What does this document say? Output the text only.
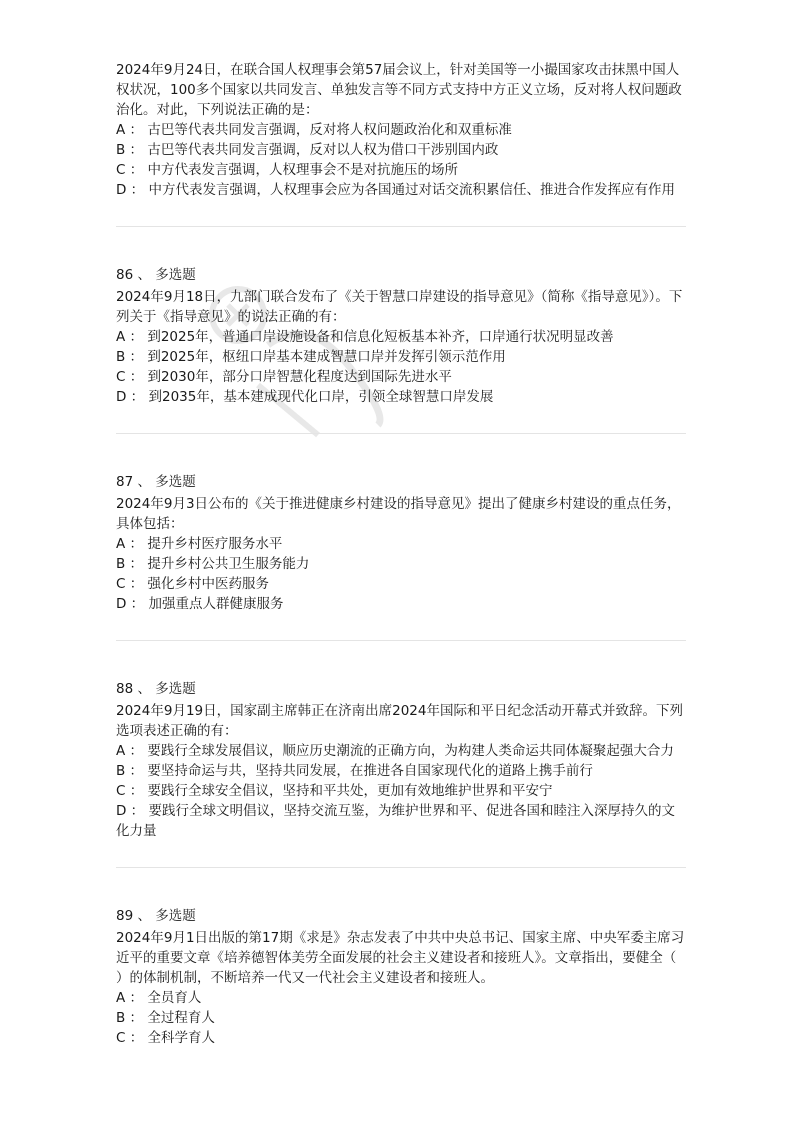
2024年9月24日，在联合国人权理事会第57届会议上，针对美国等一小撮国家攻击抹黑中国人权状况，100多个国家以共同发言、单独发言等不同方式支持中方正义立场，反对将人权问题政治化。对此，下列说法正确的是：

A ： 古巴等代表共同发言强调，反对将人权问题政治化和双重标准

B ： 古巴等代表共同发言强调，反对以人权为借口干涉别国内政

C ： 中方代表发言强调，人权理事会不是对抗施压的场所

D ： 中方代表发言强调，人权理事会应为各国通过对话交流积累信任、推进合作发挥应有作用

86 、 多选题

2024年9月18日，九部门联合发布了《关于智慧口岸建设的指导意见》（简称《指导意见》）。下列关于《指导意见》的说法正确的有：

A ： 到2025年，普通口岸设施设备和信息化短板基本补齐，口岸通行状况明显改善

B ： 到2025年，枢纽口岸基本建成智慧口岸并发挥引领示范作用

C ： 到2030年，部分口岸智慧化程度达到国际先进水平

D ： 到2035年，基本建成现代化口岸，引领全球智慧口岸发展

87 、 多选题

2024年9月3日公布的《关于推进健康乡村建设的指导意见》提出了健康乡村建设的重点任务，具体包括：

A ： 提升乡村医疗服务水平

B ： 提升乡村公共卫生服务能力

C ： 强化乡村中医药服务

D ： 加强重点人群健康服务

88 、 多选题

2024年9月19日，国家副主席韩正在济南出席2024年国际和平日纪念活动开幕式并致辞。下列选项表述正确的有：

A ： 要践行全球发展倡议，顺应历史潮流的正确方向，为构建人类命运共同体凝聚起强大合力

B ： 要坚持命运与共，坚持共同发展，在推进各自国家现代化的道路上携手前行

C ： 要践行全球安全倡议，坚持和平共处，更加有效地维护世界和平安宁

D ： 要践行全球文明倡议，坚持交流互鉴，为维护世界和平、促进各国和睦注入深厚持久的文化力量

89 、 多选题

2024年9月1日出版的第17期《求是》杂志发表了中共中央总书记、国家主席、中央军委主席习近平的重要文章《培养德智体美劳全面发展的社会主义建设者和接班人》。文章指出，要健全（ ）的体制机制，不断培养一代又一代社会主义建设者和接班人。

A ： 全员育人

B ： 全过程育人

C ： 全科学育人
